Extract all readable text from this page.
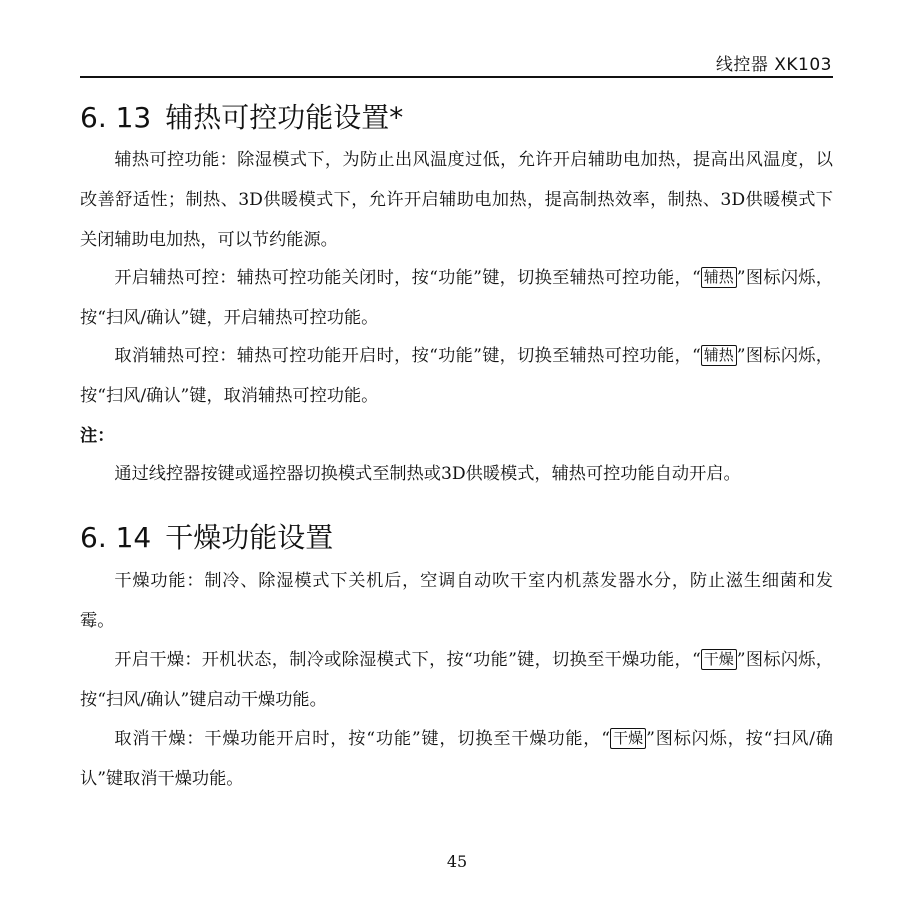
线控器 XK103
6. 13 辅热可控功能设置*

辅热可控功能：除湿模式下，为防止出风温度过低，允许开启辅助电加热，提高出风温度，以改善舒适性；制热、3D供暖模式下，允许开启辅助电加热，提高制热效率，制热、3D供暖模式下关闭辅助电加热，可以节约能源。

开启辅热可控：辅热可控功能关闭时，按“功能”键，切换至辅热可控功能，“ 辅热 ”图标闪烁，按“扫风/确认”键，开启辅热可控功能。

取消辅热可控：辅热可控功能开启时，按“功能”键，切换至辅热可控功能，“ 辅热 ”图标闪烁，按“扫风/确认”键，取消辅热可控功能。

注：

通过线控器按键或遥控器切换模式至制热或3D供暖模式，辅热可控功能自动开启。

6. 14 干燥功能设置

干燥功能：制冷、除湿模式下关机后，空调自动吹干室内机蒸发器水分，防止滋生细菌和发霉。

开启干燥：开机状态，制冷或除湿模式下，按“功能”键，切换至干燥功能，“ 干燥 ”图标闪烁，按“扫风/确认”键启动干燥功能。

取消干燥：干燥功能开启时，按“功能”键，切换至干燥功能，“ 干燥 ”图标闪烁，按“扫风/确认”键取消干燥功能。

45
